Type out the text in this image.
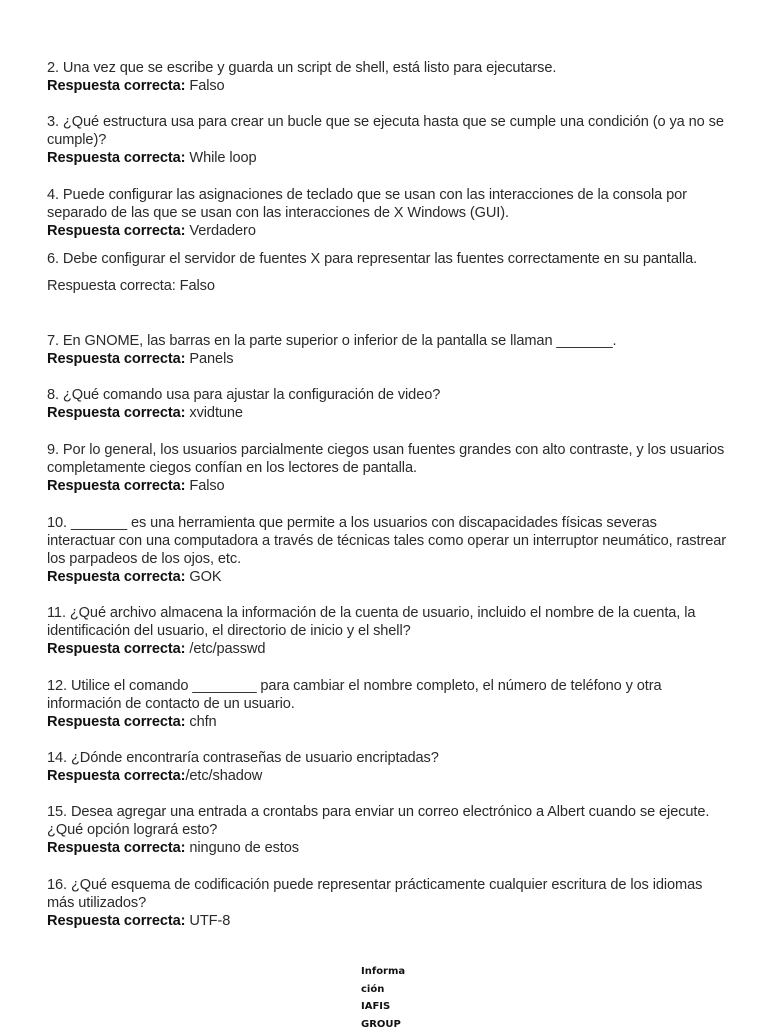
2. Una vez que se escribe y guarda un script de shell, está listo para ejecutarse.
Respuesta correcta: Falso
3. ¿Qué estructura usa para crear un bucle que se ejecuta hasta que se cumple una condición (o ya no se cumple)?
Respuesta correcta: While loop
4. Puede configurar las asignaciones de teclado que se usan con las interacciones de la consola por separado de las que se usan con las interacciones de X Windows (GUI).
Respuesta correcta: Verdadero
6. Debe configurar el servidor de fuentes X para representar las fuentes correctamente en su pantalla.
Respuesta correcta: Falso
7. En GNOME, las barras en la parte superior o inferior de la pantalla se llaman _______.
Respuesta correcta: Panels
8. ¿Qué comando usa para ajustar la configuración de video?
Respuesta correcta: xvidtune
9. Por lo general, los usuarios parcialmente ciegos usan fuentes grandes con alto contraste, y los usuarios completamente ciegos confían en los lectores de pantalla.
Respuesta correcta: Falso
10. _______ es una herramienta que permite a los usuarios con discapacidades físicas severas interactuar con una computadora a través de técnicas tales como operar un interruptor neumático, rastrear los parpadeos de los ojos, etc.
Respuesta correcta: GOK
11. ¿Qué archivo almacena la información de la cuenta de usuario, incluido el nombre de la cuenta, la identificación del usuario, el directorio de inicio y el shell?
Respuesta correcta: /etc/passwd
12. Utilice el comando ________ para cambiar el nombre completo, el número de teléfono y otra información de contacto de un usuario.
Respuesta correcta: chfn
14. ¿Dónde encontraría contraseñas de usuario encriptadas?
Respuesta correcta:/etc/shadow
15. Desea agregar una entrada a crontabs para enviar un correo electrónico a Albert cuando se ejecute. ¿Qué opción logrará esto?
Respuesta correcta: ninguno de estos
16. ¿Qué esquema de codificación puede representar prácticamente cualquier escritura de los idiomas más utilizados?
Respuesta correcta: UTF-8
Informa
ción
IAFIS
GROUP
